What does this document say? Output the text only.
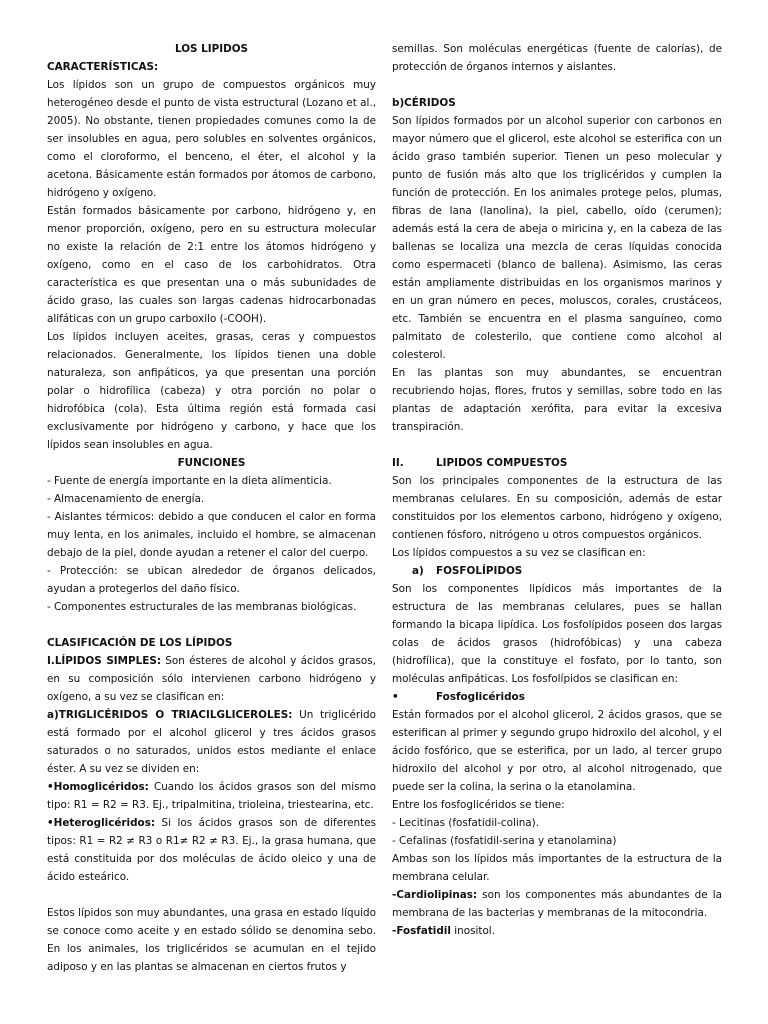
LOS LIPIDOS

CARACTERÍSTICAS:

Los lípidos son un grupo de compuestos orgánicos muy heterogéneo desde el punto de vista estructural (Lozano et al., 2005). No obstante, tienen propiedades comunes como la de ser insolubles en agua, pero solubles en solventes orgánicos, como el cloroformo, el benceno, el éter, el alcohol y la acetona. Básicamente están formados por átomos de carbono, hidrógeno y oxígeno.

Están formados básicamente por carbono, hidrógeno y, en menor proporción, oxígeno, pero en su estructura molecular no existe la relación de 2:1 entre los átomos hidrógeno y oxígeno, como en el caso de los carbohidratos. Otra característica es que presentan una o más subunidades de ácido graso, las cuales son largas cadenas hidrocarbonadas alifáticas con un grupo carboxilo (-COOH).

Los lípidos incluyen aceites, grasas, ceras y compuestos relacionados. Generalmente, los lípidos tienen una doble naturaleza, son anfipáticos, ya que presentan una porción polar o hidrofílica (cabeza) y otra porción no polar o hidrofóbica (cola). Esta última región está formada casi exclusivamente por hidrógeno y carbono, y hace que los lípidos sean insolubles en agua.

FUNCIONES

- Fuente de energía importante en la dieta alimenticia.

- Almacenamiento de energía.

- Aislantes térmicos: debido a que conducen el calor en forma muy lenta, en los animales, incluido el hombre, se almacenan debajo de la piel, donde ayudan a retener el calor del cuerpo.

- Protección: se ubican alrededor de órganos delicados, ayudan a protegerlos del daño físico.

- Componentes estructurales de las membranas biológicas.

CLASIFICACIÓN DE LOS LÍPIDOS

I.LÍPIDOS SIMPLES: Son ésteres de alcohol y ácidos grasos, en su composición sólo intervienen carbono hidrógeno y oxígeno, a su vez se clasifican en:

a)TRIGLICÉRIDOS O TRIACILGLICEROLES: Un triglicérido está formado por el alcohol glicerol y tres ácidos grasos saturados o no saturados, unidos estos mediante el enlace éster. A su vez se dividen en:

•Homoglicéridos: Cuando los ácidos grasos son del mismo tipo: R1 = R2 = R3. Ej., tripalmitina, trioleina, triestearina, etc.

•Heteroglicéridos: Si los ácidos grasos son de diferentes tipos: R1 = R2 ≠ R3 o R1≠ R2 ≠ R3. Ej., la grasa humana, que está constituida por dos moléculas de ácido oleico y una de ácido esteárico.

Estos lípidos son muy abundantes, una grasa en estado líquido se conoce como aceite y en estado sólido se denomina sebo. En los animales, los triglicéridos se acumulan en el tejido adiposo y en las plantas se almacenan en ciertos frutos y

semillas. Son moléculas energéticas (fuente de calorías), de protección de órganos internos y aislantes.

b)CÉRIDOS

Son lípidos formados por un alcohol superior con carbonos en mayor número que el glicerol, este alcohol se esterifica con un ácido graso también superior. Tienen un peso molecular y punto de fusión más alto que los triglicéridos y cumplen la función de protección. En los animales protege pelos, plumas, fibras de lana (lanolina), la piel, cabello, oído (cerumen); además está la cera de abeja o miricina y, en la cabeza de las ballenas se localiza una mezcla de ceras líquidas conocida como espermaceti (blanco de ballena). Asimismo, las ceras están ampliamente distribuidas en los organismos marinos y en un gran número en peces, moluscos, corales, crustáceos, etc. También se encuentra en el plasma sanguíneo, como palmitato de colesterilo, que contiene como alcohol al colesterol.

En las plantas son muy abundantes, se encuentran recubriendo hojas, flores, frutos y semillas, sobre todo en las plantas de adaptación xerófita, para evitar la excesiva transpiración.

II.	LIPIDOS COMPUESTOS

Son los principales componentes de la estructura de las membranas celulares. En su composición, además de estar constituidos por los elementos carbono, hidrógeno y oxígeno, contienen fósforo, nitrógeno u otros compuestos orgánicos.

Los lípidos compuestos a su vez se clasifican en:

a) FOSFOLÍPIDOS

Son los componentes lipídicos más importantes de la estructura de las membranas celulares, pues se hallan formando la bicapa lipídica. Los fosfolípidos poseen dos largas colas de ácidos grasos (hidrofóbicas) y una cabeza (hidrofílica), que la constituye el fosfato, por lo tanto, son moléculas anfipáticas. Los fosfolípidos se clasifican en:

•	Fosfoglicéridos

Están formados por el alcohol glicerol, 2 ácidos grasos, que se esterifican al primer y segundo grupo hidroxilo del alcohol, y el ácido fosfórico, que se esterifica, por un lado, al tercer grupo hidroxilo del alcohol y por otro, al alcohol nitrogenado, que puede ser la colina, la serina o la etanolamina.

Entre los fosfoglicéridos se tiene:

- Lecitinas (fosfatidil-colina).

- Cefalinas (fosfatidil-serina y etanolamina)

Ambas son los lípidos más importantes de la estructura de la membrana celular.

-Cardiolipinas: son los componentes más abundantes de la membrana de las bacterias y membranas de la mitocondria.

-Fosfatidil inositol.
